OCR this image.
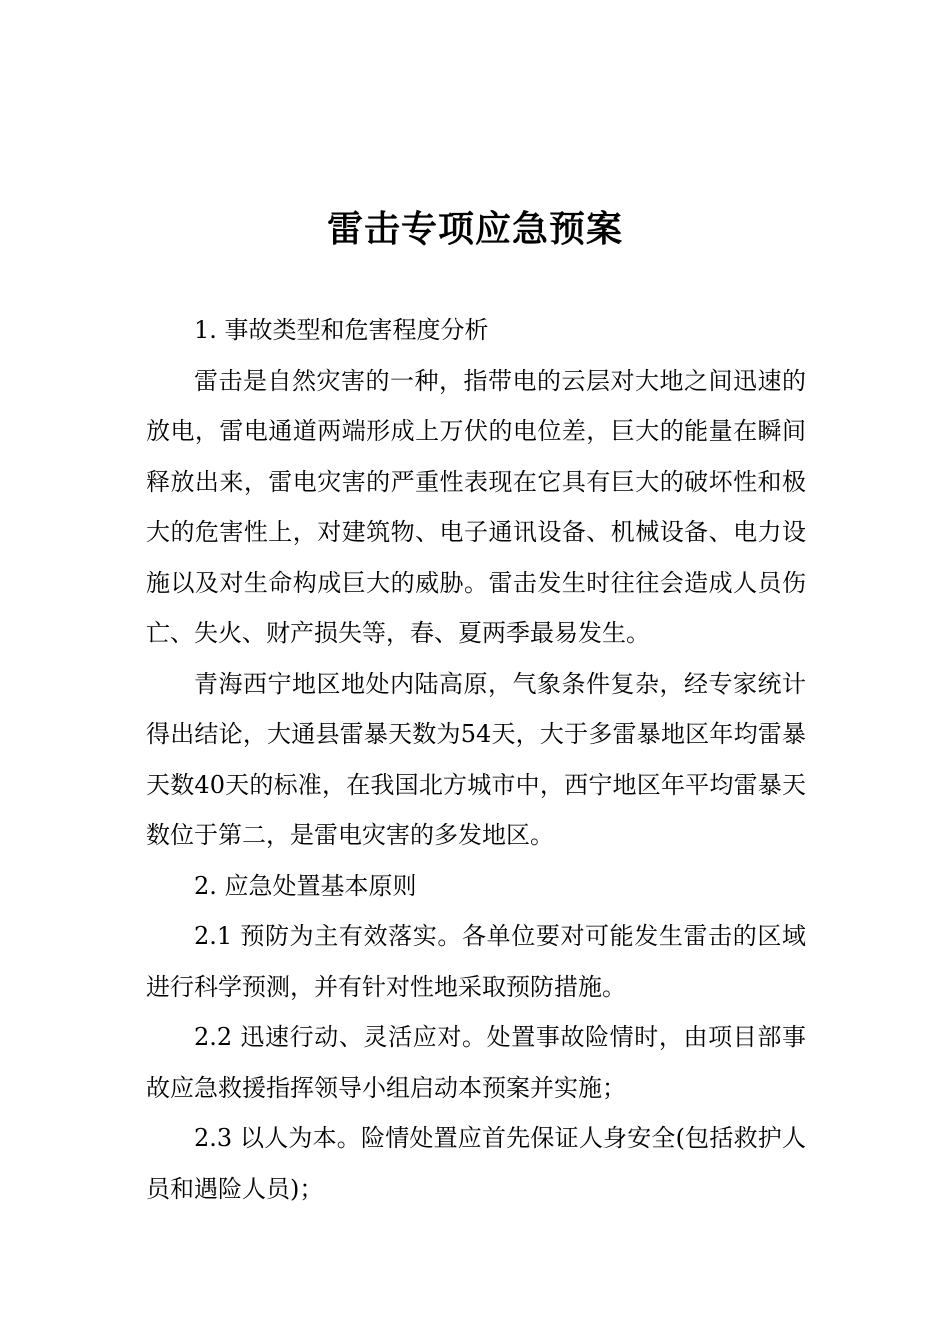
雷击专项应急预案

1. 事故类型和危害程度分析

雷击是自然灾害的一种，指带电的云层对大地之间迅速的放电，雷电通道两端形成上万伏的电位差，巨大的能量在瞬间释放出来，雷电灾害的严重性表现在它具有巨大的破坏性和极大的危害性上，对建筑物、电子通讯设备、机械设备、电力设施以及对生命构成巨大的威胁。雷击发生时往往会造成人员伤亡、失火、财产损失等，春、夏两季最易发生。

青海西宁地区地处内陆高原，气象条件复杂，经专家统计得出结论，大通县雷暴天数为54天，大于多雷暴地区年均雷暴天数40天的标准，在我国北方城市中，西宁地区年平均雷暴天数位于第二，是雷电灾害的多发地区。

2. 应急处置基本原则

2.1 预防为主有效落实。各单位要对可能发生雷击的区域进行科学预测，并有针对性地采取预防措施。

2.2 迅速行动、灵活应对。处置事故险情时，由项目部事故应急救援指挥领导小组启动本预案并实施；

2.3 以人为本。险情处置应首先保证人身安全(包括救护人员和遇险人员)；
